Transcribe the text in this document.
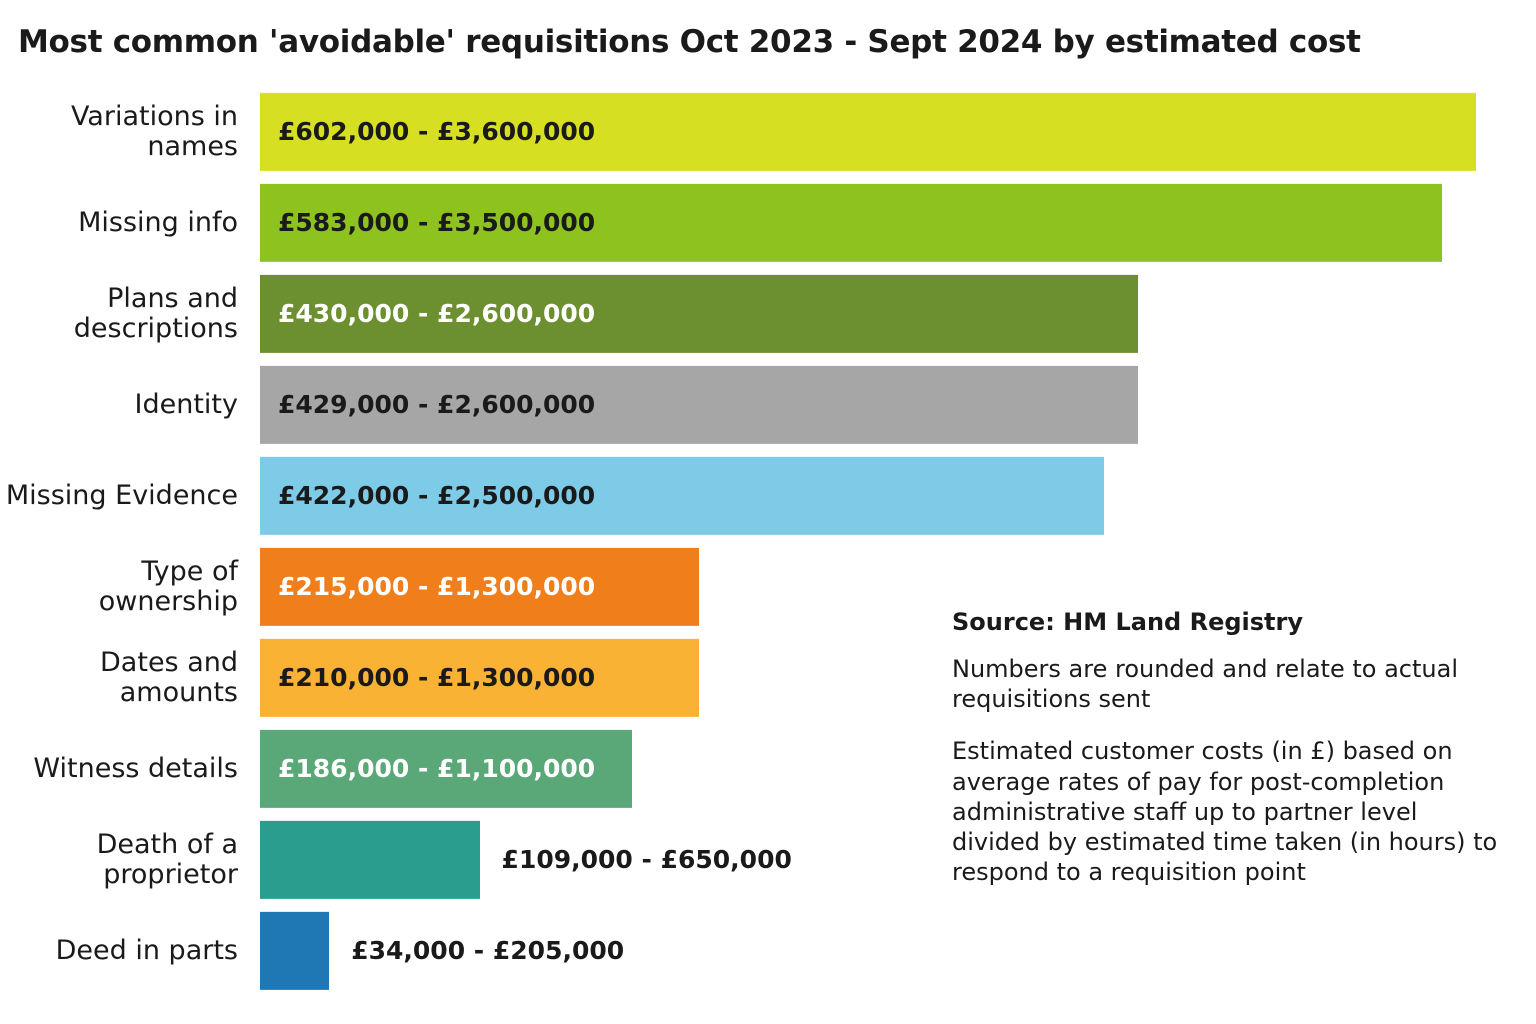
Most common 'avoidable' requisitions Oct 2023 - Sept 2024 by estimated cost
Variations in names	£602,000 - £3,600,000
Missing info	£583,000 - £3,500,000
Plans and descriptions	£430,000 - £2,600,000
Identity	£429,000 - £2,600,000
Missing Evidence	£422,000 - £2,500,000
Type of ownership	£215,000 - £1,300,000
Dates and amounts	£210,000 - £1,300,000
Witness details	£186,000 - £1,100,000
Death of a proprietor	£109,000 - £650,000
Deed in parts	£34,000 - £205,000
Source: HM Land Registry
Numbers are rounded and relate to actual requisitions sent
Estimated customer costs (in £) based on average rates of pay for post-completion administrative staff up to partner level divided by estimated time taken (in hours) to respond to a requisition point
